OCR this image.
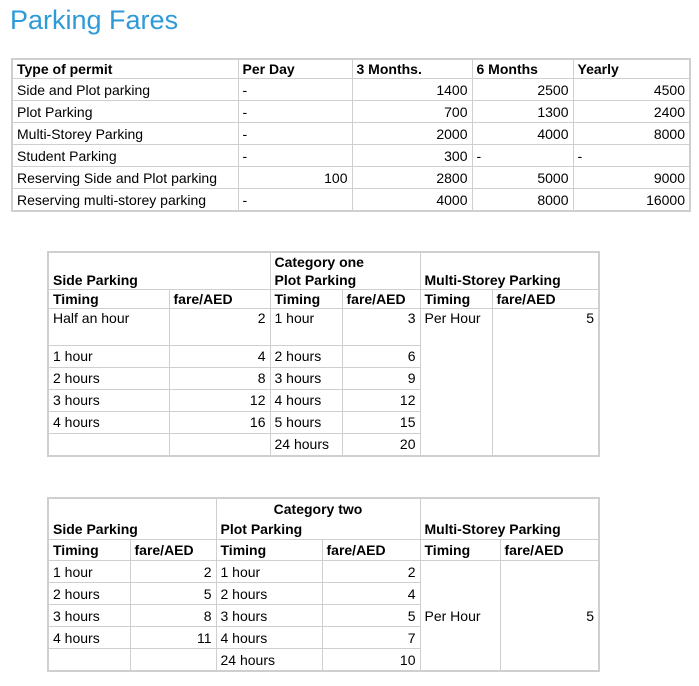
Parking Fares
Type of permit	Per Day	3 Months.	6 Months	Yearly
Side and Plot parking	-	1400	2500	4500
Plot Parking	-	700	1300	2400
Multi-Storey Parking	-	2000	4000	8000
Student Parking	-	300	-	-
Reserving Side and Plot parking	100	2800	5000	9000
Reserving multi-storey parking	-	4000	8000	16000
		Category one			
Side Parking		Plot Parking		Multi-Storey Parking	
Timing	fare/AED	Timing	fare/AED	Timing	fare/AED
Half an hour	2	1 hour	3	Per Hour	5
1 hour	4	2 hours	6		
2 hours	8	3 hours	9		
3 hours	12	4 hours	12		
4 hours	16	5 hours	15		
		24 hours	20		
		Category two			
Side Parking		Plot Parking		Multi-Storey Parking	
Timing	fare/AED	Timing	fare/AED	Timing	fare/AED
1 hour	2	1 hour	2	Per Hour	5
2 hours	5	2 hours	4		
3 hours	8	3 hours	5		
4 hours	11	4 hours	7		
		24 hours	10		
